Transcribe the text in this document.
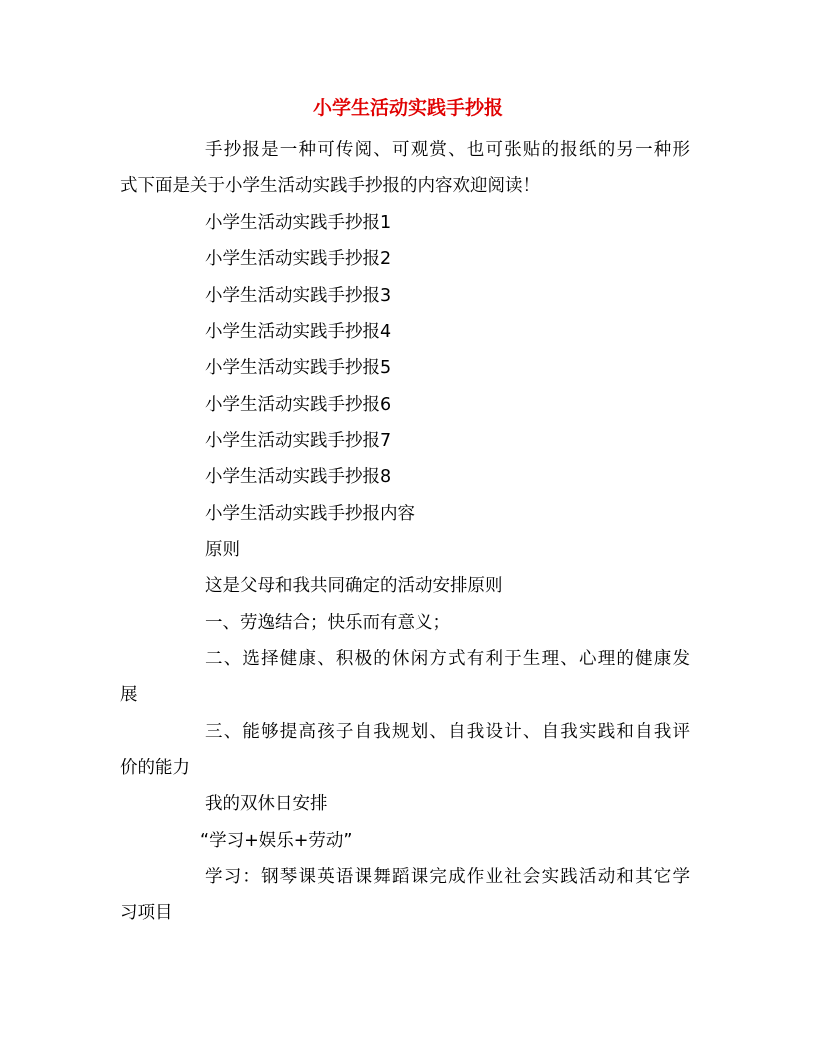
小学生活动实践手抄报
手抄报是一种可传阅、可观赏、也可张贴的报纸的另一种形
式下面是关于小学生活动实践手抄报的内容欢迎阅读！
小学生活动实践手抄报1
小学生活动实践手抄报2
小学生活动实践手抄报3
小学生活动实践手抄报4
小学生活动实践手抄报5
小学生活动实践手抄报6
小学生活动实践手抄报7
小学生活动实践手抄报8
小学生活动实践手抄报内容
原则
这是父母和我共同确定的活动安排原则
一、劳逸结合；快乐而有意义；
二、选择健康、积极的休闲方式有利于生理、心理的健康发
展
三、能够提高孩子自我规划、自我设计、自我实践和自我评
价的能力
我的双休日安排
“学习+娱乐+劳动”
学习：钢琴课英语课舞蹈课完成作业社会实践活动和其它学
习项目
